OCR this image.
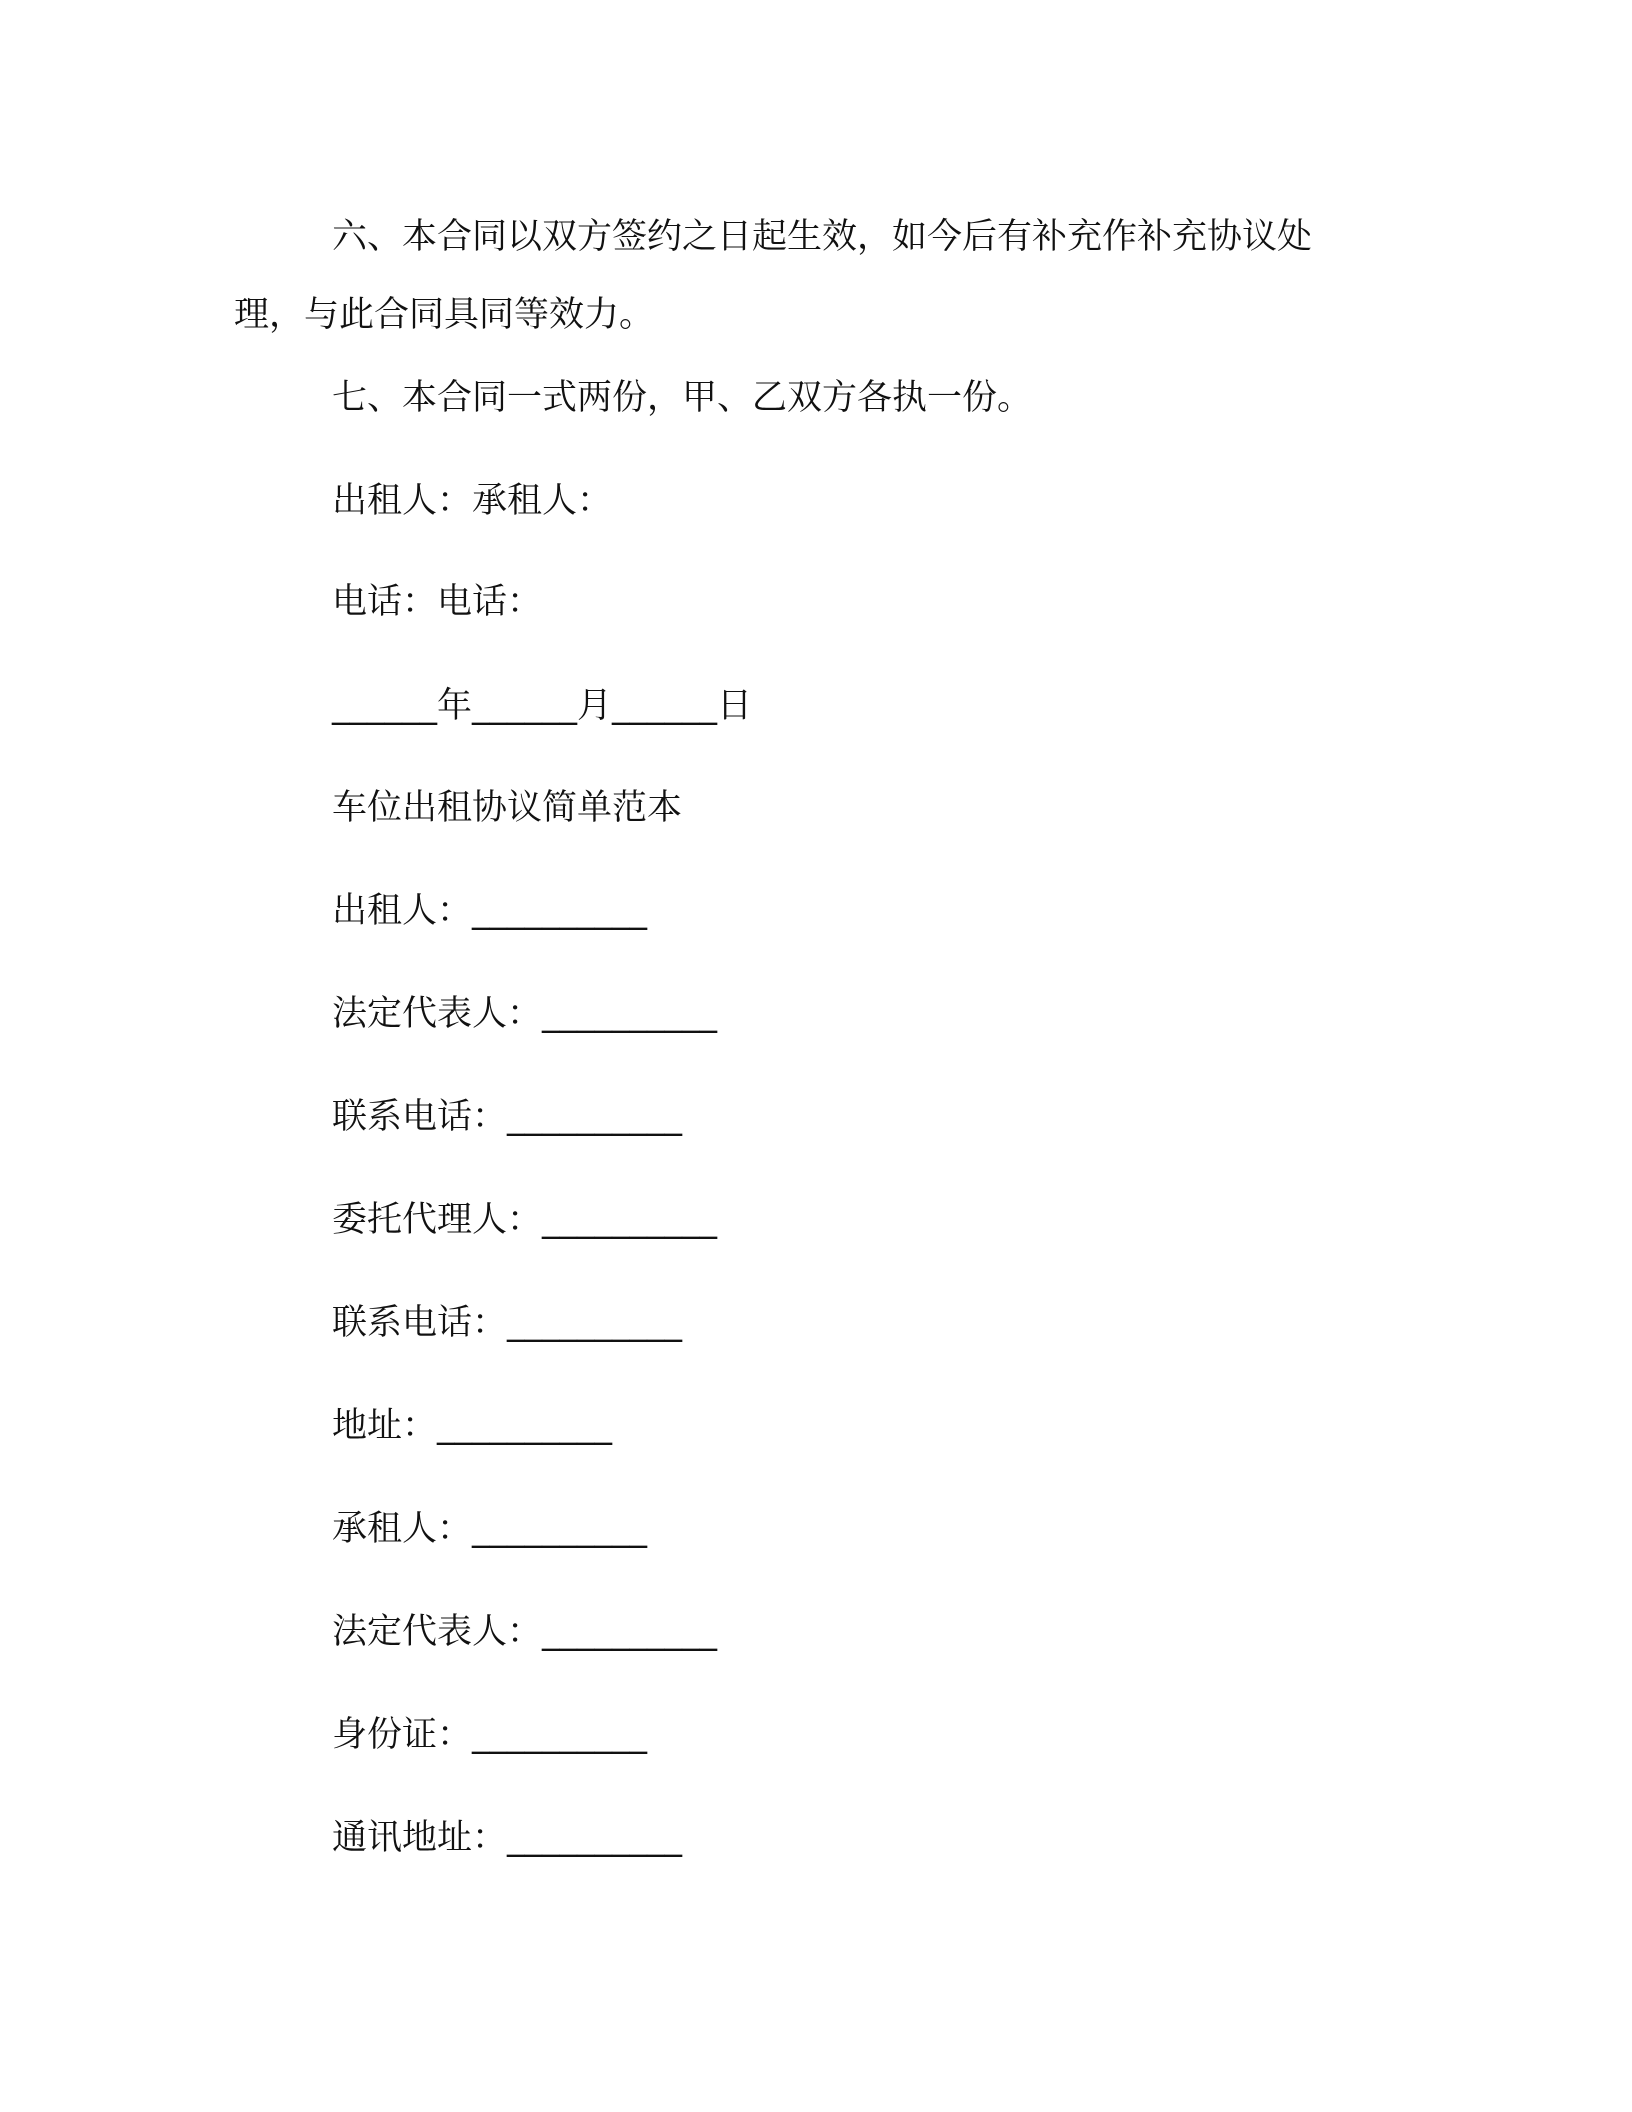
六、本合同以双方签约之日起生效，如今后有补充作补充协议处
理，与此合同具同等效力。
七、本合同一式两份，甲、乙双方各执一份。
出租人：承租人：
电话：电话：
______年______月______日
车位出租协议简单范本
出租人：__________
法定代表人：__________
联系电话：__________
委托代理人：__________
联系电话：__________
地址：__________
承租人：__________
法定代表人：__________
身份证：__________
通讯地址：__________
